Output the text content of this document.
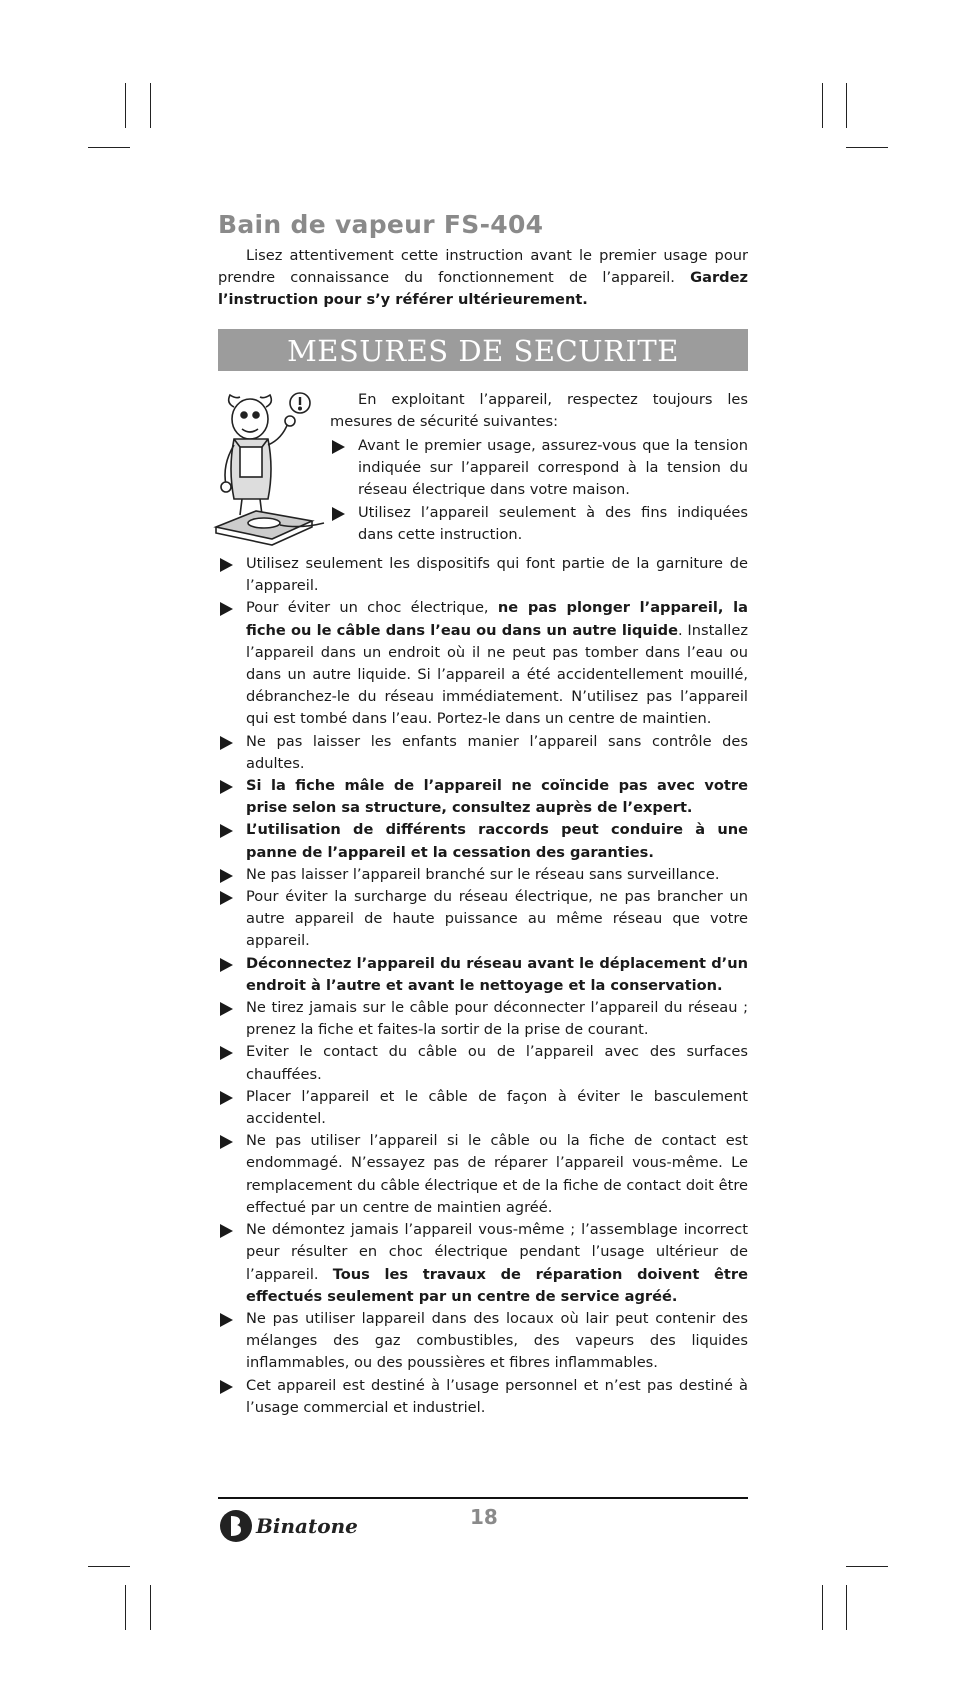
Bain de vapeur FS-404

Lisez attentivement cette instruction avant le premier usage pour prendre connaissance du fonctionnement de l’appareil. Gardez l’instruction pour s’y référer ultérieurement.

MESURES DE SECURITE

En exploitant l’appareil, respectez toujours les mesures de sécurité suivantes:

Avant le premier usage, assurez-vous que la tension indiquée sur l’appareil correspond à la tension du réseau électrique dans votre maison.
Utilisez l’appareil seulement à des fins indiquées dans cette instruction.
Utilisez seulement les dispositifs qui font partie de la garniture de l’appareil.
Pour éviter un choc électrique, ne pas plonger l’appareil, la fiche ou le câble dans l’eau ou dans un autre liquide. Installez l’appareil dans un endroit où il ne peut pas tomber dans l’eau ou dans un autre liquide. Si l’appareil a été accidentellement mouillé, débranchez-le du réseau immédiatement. N’utilisez pas l’appareil qui est tombé dans l’eau. Portez-le dans un centre de maintien.
Ne pas laisser les enfants manier l’appareil sans contrôle des adultes.
Si la fiche mâle de l’appareil ne coïncide pas avec votre prise selon sa structure, consultez auprès de l’expert.
L’utilisation de différents raccords peut conduire à une panne de l’appareil et la cessation des garanties.
Ne pas laisser l’appareil branché sur le réseau sans surveillance.
Pour éviter la surcharge du réseau électrique, ne pas brancher un autre appareil de haute puissance au même réseau que votre appareil.
Déconnectez l’appareil du réseau avant le déplacement d’un endroit à l’autre et avant le nettoyage et la conservation.
Ne tirez jamais sur le câble pour déconnecter l’appareil du réseau ; prenez la fiche et faites-la sortir de la prise de courant.
Eviter le contact du câble ou de l’appareil avec des surfaces chauffées.
Placer l’appareil et le câble de façon à éviter le basculement accidentel.
Ne pas utiliser l’appareil si le câble ou la fiche de contact est endommagé. N’essayez pas de réparer l’appareil vous-même. Le remplacement du câble électrique et de la fiche de contact doit être effectué par un centre de maintien agréé.
Ne démontez jamais l’appareil vous-même ; l’assemblage incorrect peur résulter en choc électrique pendant l’usage ultérieur de l’appareil. Tous les travaux de réparation doivent être effectués seulement par un centre de service agréé.
Ne pas utiliser lappareil dans des locaux où lair peut contenir des mélanges des gaz combustibles, des vapeurs des liquides inflammables, ou des poussières et fibres inflammables.
Cet appareil est destiné à l’usage personnel et n’est pas destiné à l’usage commercial et industriel.
Binatone	18
